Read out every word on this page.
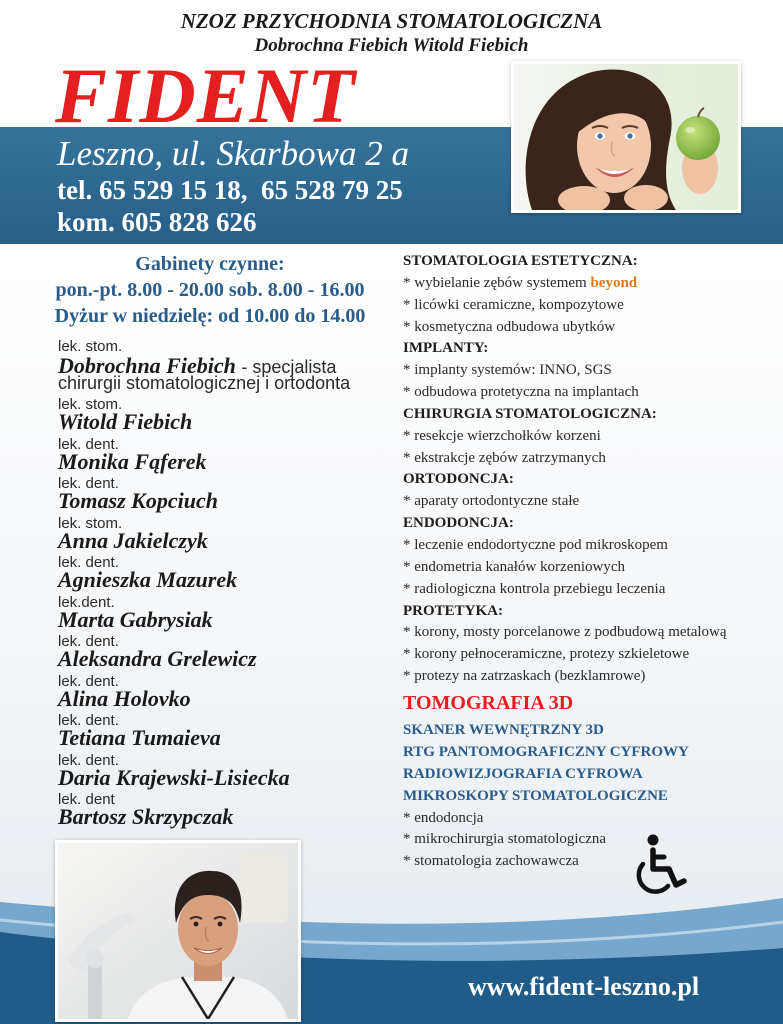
NZOZ PRZYCHODNIA STOMATOLOGICZNA
Dobrochna Fiebich Witold Fiebich
FIDENT
Leszno, ul. Skarbowa 2 a
tel. 65 529 15 18,  65 528 79 25
kom. 605 828 626
Gabinety czynne:
pon.-pt. 8.00 - 20.00 sob. 8.00 - 16.00
Dyżur w niedzielę: od 10.00 do 14.00
lek. stom.
Dobrochna Fiebich - specjalista
chirurgii stomatologicznej i ortodonta
lek. stom.
Witold Fiebich
lek. dent.
Monika Fąferek
lek. dent.
Tomasz Kopciuch
lek. stom.
Anna Jakielczyk
lek. dent.
Agnieszka Mazurek
lek.dent.
Marta Gabrysiak
lek. dent.
Aleksandra Grelewicz
lek. dent.
Alina Holovko
lek. dent.
Tetiana Tumaieva
lek. dent.
Daria Krajewski-Lisiecka
lek. dent
Bartosz Skrzypczak
STOMATOLOGIA ESTETYCZNA:
* wybielanie zębów systemem beyond
* licówki ceramiczne, kompozytowe
* kosmetyczna odbudowa ubytków
IMPLANTY:
* implanty systemów: INNO, SGS
* odbudowa protetyczna na implantach
CHIRURGIA STOMATOLOGICZNA:
* resekcje wierzchołków korzeni
* ekstrakcje zębów zatrzymanych
ORTODONCJA:
* aparaty ortodontyczne stałe
ENDODONCJA:
* leczenie endodortyczne pod mikroskopem
* endometria kanałów korzeniowych
* radiologiczna kontrola przebiegu leczenia
PROTETYKA:
* korony, mosty porcelanowe z podbudową metalową
* korony pełnoceramiczne, protezy szkieletowe
* protezy na zatrzaskach (bezklamrowe)
TOMOGRAFIA 3D
SKANER WEWNĘTRZNY 3D
RTG PANTOMOGRAFICZNY CYFROWY
RADIOWIZJOGRAFIA CYFROWA
MIKROSKOPY STOMATOLOGICZNE
* endodoncja
* mikrochirurgia stomatologiczna
* stomatologia zachowawcza
www.fident-leszno.pl
